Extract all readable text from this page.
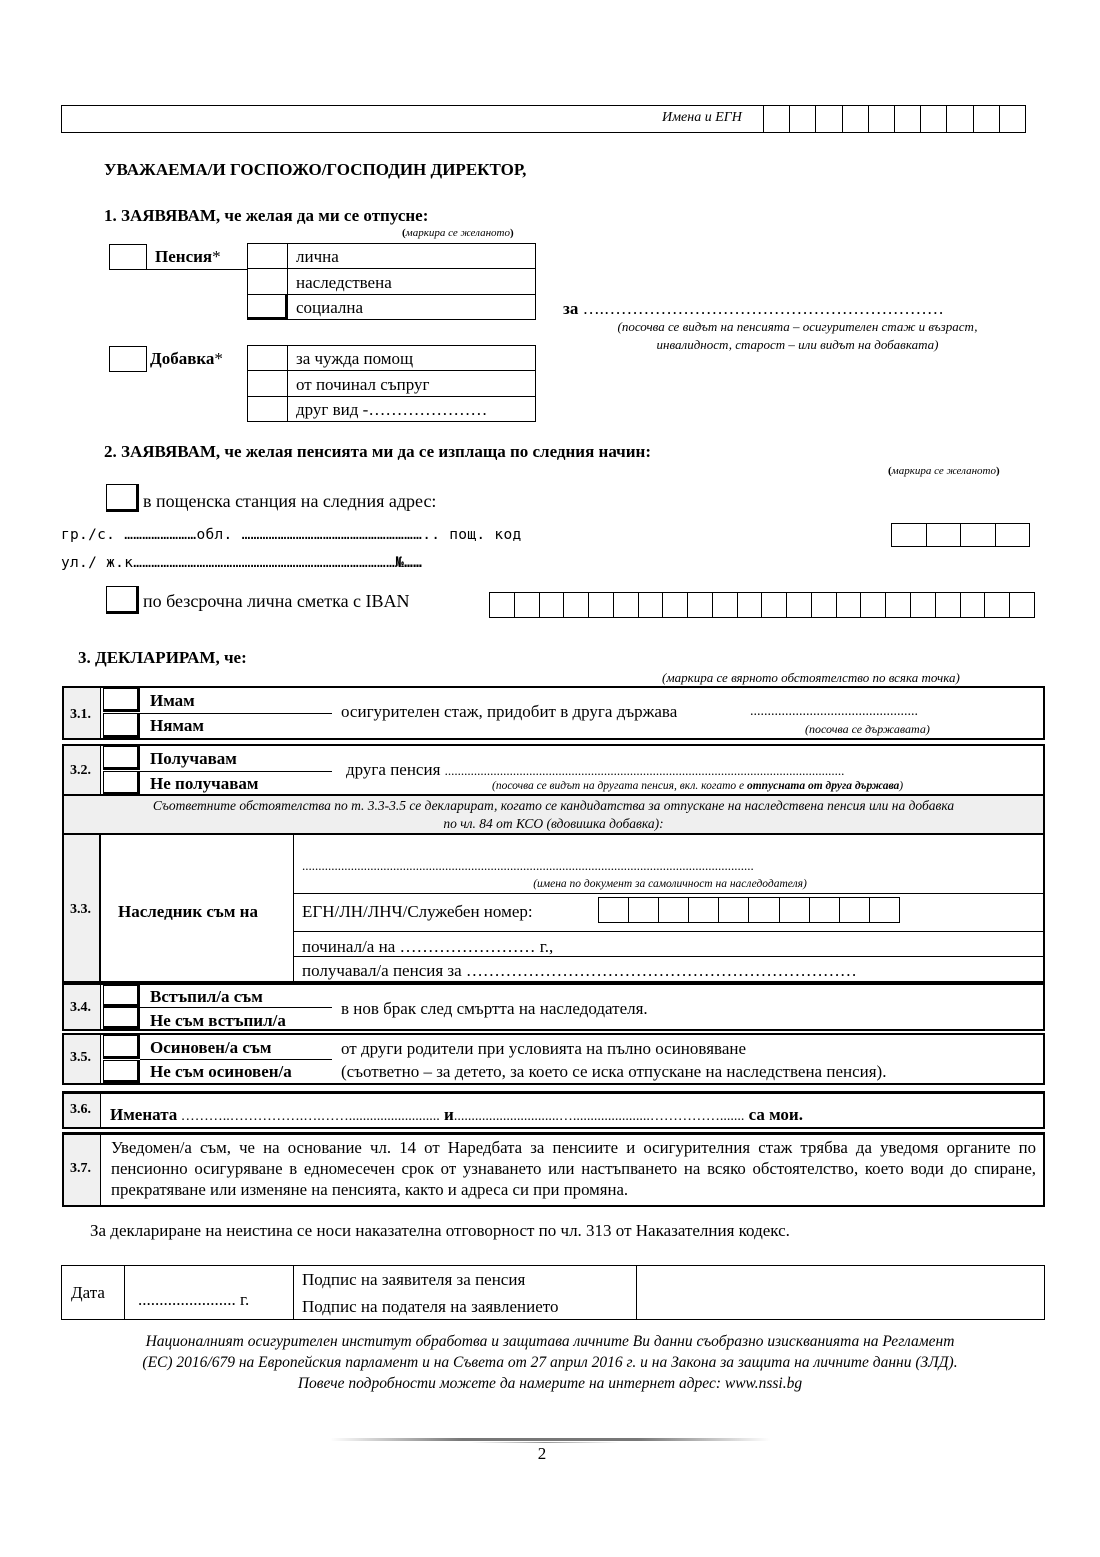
Имена и ЕГН
УВАЖАЕМА/И ГОСПОЖО/ГОСПОДИН ДИРЕКТОР,
1. ЗАЯВЯВАМ, че желая да ми се отпусне:
(маркира се желаното)
Пенсия*	лична
наследствена
социална	за ….……………………………………………………
(посочва се видът на пенсията – осигурителен стаж и възраст,
инвалидност, старост – или видът на добавката)
Добавка*	за чужда помощ
от починал съпруг
друг вид -…………………
2. ЗАЯВЯВАМ, че желая пенсията ми да се изплаща по следния начин:
(маркира се желаното)
в пощенска станция на следния адрес:
гр./с. ……………………обл. …………………………………………………….. пощ. код
ул./ ж.к……………………………………………………………………………№……
по безсрочна лична сметка с IBAN
3. ДЕКЛАРИРАМ, че:
(маркира се вярното обстоятелство по всяка точка)
3.1.
Имам
Нямам
осигурителен стаж, придобит в друга държава	................................................
(посочва се държавата)
3.2.
Получавам
Не получавам
друга пенсия ...........................................................................................................................
(посочва се видът на другата пенсия, вкл. когато е отпусната от друга държава)
Съответните обстоятелства по т. 3.3-3.5 се декларират, когато се кандидатства за отпускане на наследствена пенсия или на добавка
по чл. 84 от КСО (вдовишка добавка):
3.3. Наследник съм на
...........................................................................................................................................
(имена по документ за самоличност на наследодателя)
ЕГН/ЛН/ЛНЧ/Служебен номер:
починал/а на …………………… г.,
получавал/а пенсия за ……………………………………………………………
3.4.
Встъпил/а съм
Не съм встъпил/а
в нов брак след смъртта на наследодателя.
3.5.
Осиновен/а съм
Не съм осиновен/а
от други родители при условията на пълно осиновяване
(съответно – за детето, за което се иска отпускане на наследствена пенсия).
3.6. Имената ………..…………….….…….......................... и..............................…......................……………....... са мои.
3.7.
Уведомен/а съм, че на основание чл. 14 от Наредбата за пенсиите и осигурителния стаж трябва да уведомя органите по пенсионно осигуряване в едномесечен срок от узнаването или настъпването на всяко обстоятелство, което води до спиране, прекратяване или изменяне на пенсията, както и адреса си при промяна.
За деклариране на неистина се носи наказателна отговорност по чл. 313 от Наказателния кодекс.
Дата ....................... г.
Подпис на заявителя за пенсия
Подпис на подателя на заявлението
Националният осигурителен институт обработва и защитава личните Ви данни съобразно изискванията на Регламент
(ЕС) 2016/679 на Европейския парламент и на Съвета от 27 април 2016 г. и на Закона за защита на личните данни (ЗЛД).
Повече подробности можете да намерите на интернет адрес: www.nssi.bg
2
